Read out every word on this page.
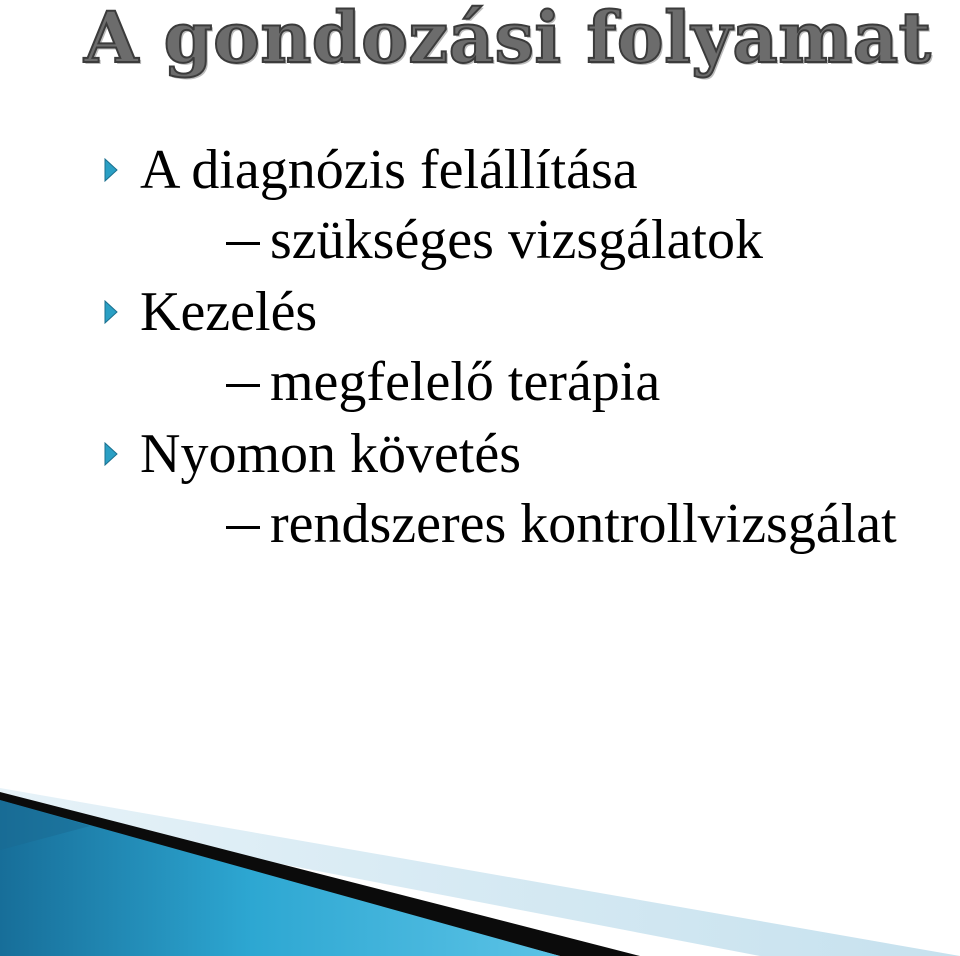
A gondozási folyamat
A diagnózis felállítása
szükséges vizsgálatok
Kezelés
megfelelő terápia
Nyomon követés
rendszeres kontrollvizsgálat
